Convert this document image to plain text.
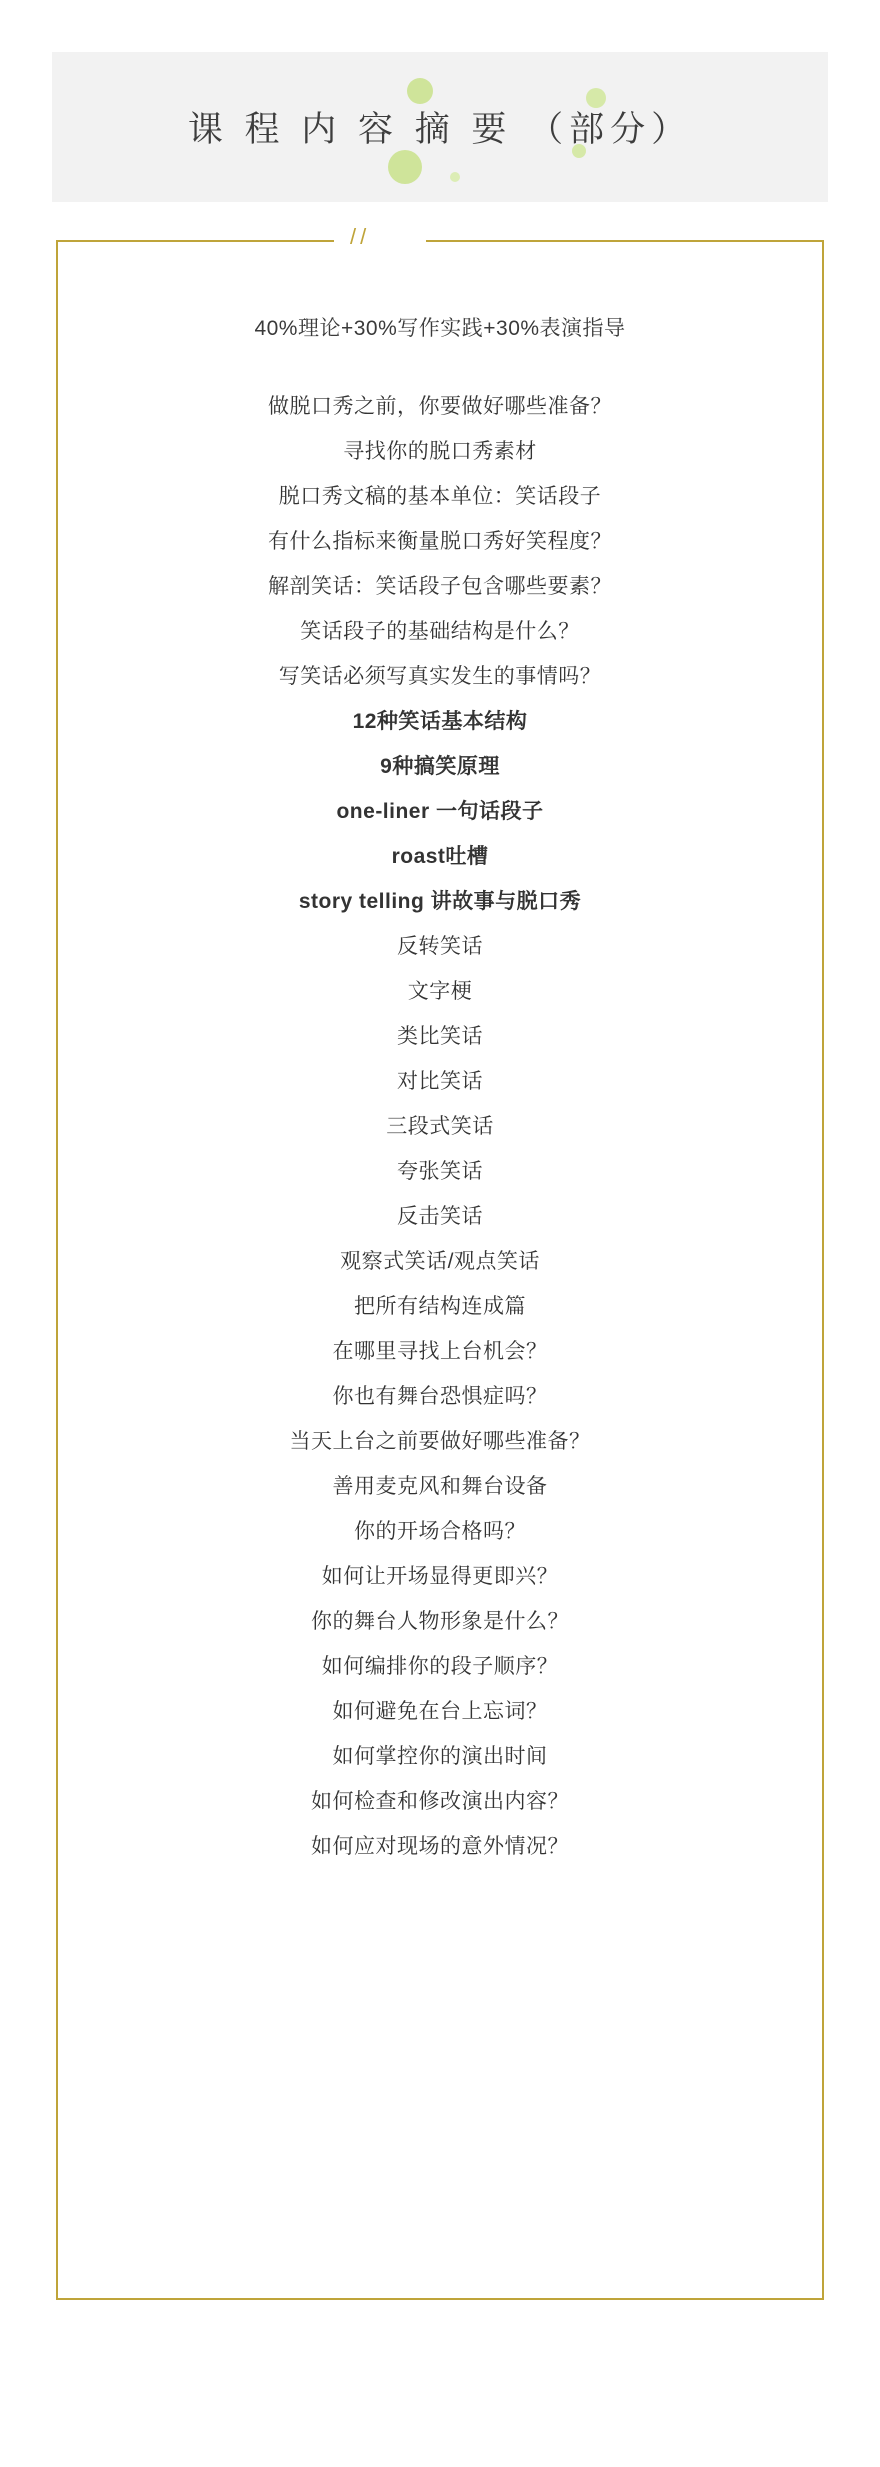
课 程 内 容 摘 要 （部分）
//
40%理论+30%写作实践+30%表演指导
做脱口秀之前，你要做好哪些准备？
寻找你的脱口秀素材
脱口秀文稿的基本单位：笑话段子
有什么指标来衡量脱口秀好笑程度？
解剖笑话：笑话段子包含哪些要素？
笑话段子的基础结构是什么？
写笑话必须写真实发生的事情吗？
12种笑话基本结构
9种搞笑原理
one-liner 一句话段子
roast吐槽
story telling 讲故事与脱口秀
反转笑话
文字梗
类比笑话
对比笑话
三段式笑话
夸张笑话
反击笑话
观察式笑话/观点笑话
把所有结构连成篇
在哪里寻找上台机会？
你也有舞台恐惧症吗？
当天上台之前要做好哪些准备？
善用麦克风和舞台设备
你的开场合格吗？
如何让开场显得更即兴？
你的舞台人物形象是什么？
如何编排你的段子顺序？
如何避免在台上忘词？
如何掌控你的演出时间
如何检查和修改演出内容？
如何应对现场的意外情况？
